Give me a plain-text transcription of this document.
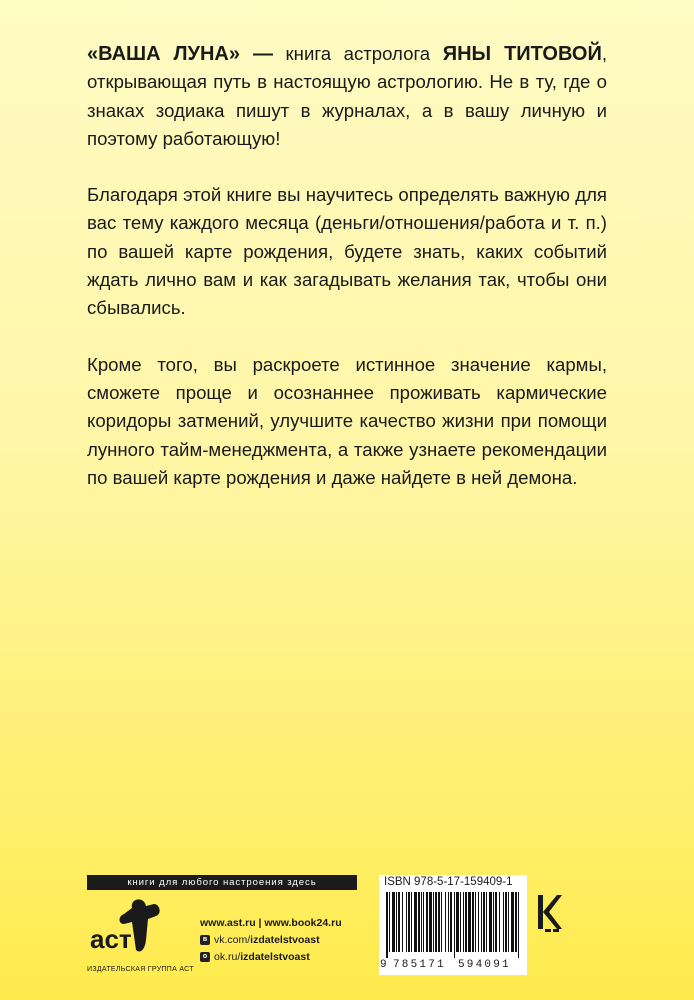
«ВАША ЛУНА» — книга астролога ЯНЫ ТИТОВОЙ, открывающая путь в настоящую астрологию. Не в ту, где о знаках зодиака пишут в журналах, а в вашу личную и поэтому работающую!

Благодаря этой книге вы научитесь определять важную для вас тему каждого месяца (деньги/отношения/работа и т. п.) по вашей карте рождения, будете знать, каких событий ждать лично вам и как загадывать желания так, чтобы они сбывались.

Кроме того, вы раскроете истинное значение кармы, сможете проще и осознаннее проживать кармические коридоры затмений, улучшите качество жизни при помощи лунного тайм-менеджмента, а также узнаете рекомендации по вашей карте рождения и даже найдете в ней демона.

книги для любого настроения здесь
аст
ИЗДАТЕЛЬСКАЯ ГРУППА АСТ
www.ast.ru | www.book24.ru
в vk.com/ izdatelstvoast
о ok.ru/ izdatelstvoast
ISBN 978-5-17-159409-1
9 785171 594091
